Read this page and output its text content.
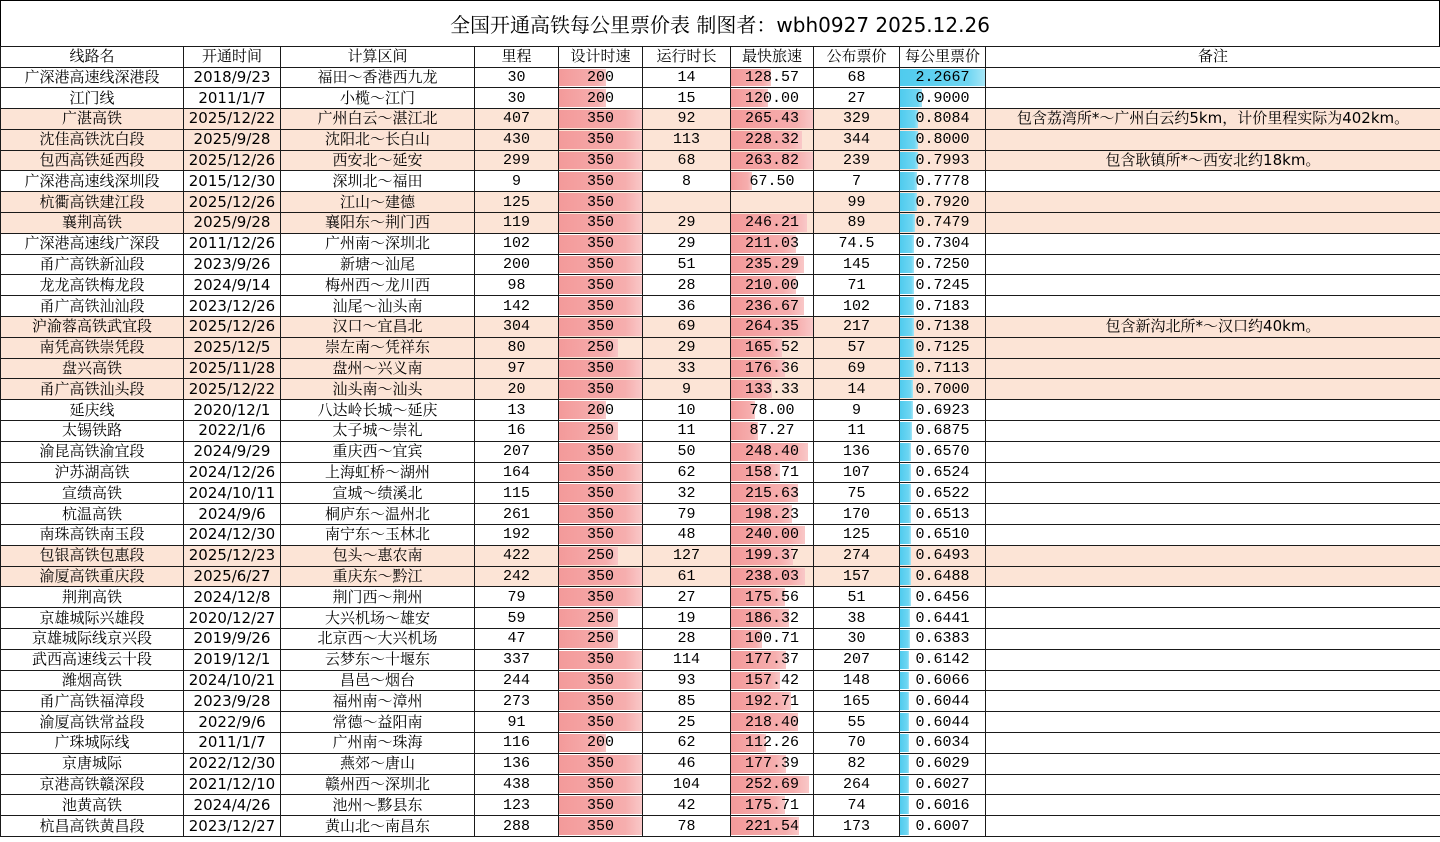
全国开通高铁每公里票价表 制图者：wbh0927 2025.12.26
线路名	开通时间	计算区间	里程	设计时速	运行时长	最快旅速	公布票价	每公里票价	备注
广深港高速线深港段	2018/9/23	福田～香港西九龙	30	200	14	128.57	68	2.2667	
江门线	2011/1/7	小榄～江门	30	200	15	120.00	27	0.9000	
广湛高铁	2025/12/22	广州白云～湛江北	407	350	92	265.43	329	0.8084	包含荔湾所*～广州白云约5km，计价里程实际为402km。
沈佳高铁沈白段	2025/9/28	沈阳北～长白山	430	350	113	228.32	344	0.8000	
包西高铁延西段	2025/12/26	西安北～延安	299	350	68	263.82	239	0.7993	包含耿镇所*～西安北约18km。
广深港高速线深圳段	2015/12/30	深圳北～福田	9	350	8	67.50	7	0.7778	
杭衢高铁建江段	2025/12/26	江山～建德	125	350			99	0.7920	
襄荆高铁	2025/9/28	襄阳东～荆门西	119	350	29	246.21	89	0.7479	
广深港高速线广深段	2011/12/26	广州南～深圳北	102	350	29	211.03	74.5	0.7304	
甬广高铁新汕段	2023/9/26	新塘～汕尾	200	350	51	235.29	145	0.7250	
龙龙高铁梅龙段	2024/9/14	梅州西～龙川西	98	350	28	210.00	71	0.7245	
甬广高铁汕汕段	2023/12/26	汕尾～汕头南	142	350	36	236.67	102	0.7183	
沪渝蓉高铁武宜段	2025/12/26	汉口～宜昌北	304	350	69	264.35	217	0.7138	包含新沟北所*～汉口约40km。
南凭高铁崇凭段	2025/12/5	崇左南～凭祥东	80	250	29	165.52	57	0.7125	
盘兴高铁	2025/11/28	盘州～兴义南	97	350	33	176.36	69	0.7113	
甬广高铁汕头段	2025/12/22	汕头南～汕头	20	350	9	133.33	14	0.7000	
延庆线	2020/12/1	八达岭长城～延庆	13	200	10	78.00	9	0.6923	
太锡铁路	2022/1/6	太子城～崇礼	16	250	11	87.27	11	0.6875	
渝昆高铁渝宜段	2024/9/29	重庆西～宜宾	207	350	50	248.40	136	0.6570	
沪苏湖高铁	2024/12/26	上海虹桥～湖州	164	350	62	158.71	107	0.6524	
宣绩高铁	2024/10/11	宣城～绩溪北	115	350	32	215.63	75	0.6522	
杭温高铁	2024/9/6	桐庐东～温州北	261	350	79	198.23	170	0.6513	
南珠高铁南玉段	2024/12/30	南宁东～玉林北	192	350	48	240.00	125	0.6510	
包银高铁包惠段	2025/12/23	包头～惠农南	422	250	127	199.37	274	0.6493	
渝厦高铁重庆段	2025/6/27	重庆东～黔江	242	350	61	238.03	157	0.6488	
荆荆高铁	2024/12/8	荆门西～荆州	79	350	27	175.56	51	0.6456	
京雄城际兴雄段	2020/12/27	大兴机场～雄安	59	250	19	186.32	38	0.6441	
京雄城际线京兴段	2019/9/26	北京西～大兴机场	47	250	28	100.71	30	0.6383	
武西高速线云十段	2019/12/1	云梦东～十堰东	337	350	114	177.37	207	0.6142	
潍烟高铁	2024/10/21	昌邑～烟台	244	350	93	157.42	148	0.6066	
甬广高铁福漳段	2023/9/28	福州南～漳州	273	350	85	192.71	165	0.6044	
渝厦高铁常益段	2022/9/6	常德～益阳南	91	350	25	218.40	55	0.6044	
广珠城际线	2011/1/7	广州南～珠海	116	200	62	112.26	70	0.6034	
京唐城际	2022/12/30	燕郊～唐山	136	350	46	177.39	82	0.6029	
京港高铁赣深段	2021/12/10	赣州西～深圳北	438	350	104	252.69	264	0.6027	
池黄高铁	2024/4/26	池州～黟县东	123	350	42	175.71	74	0.6016	
杭昌高铁黄昌段	2023/12/27	黄山北～南昌东	288	350	78	221.54	173	0.6007	
